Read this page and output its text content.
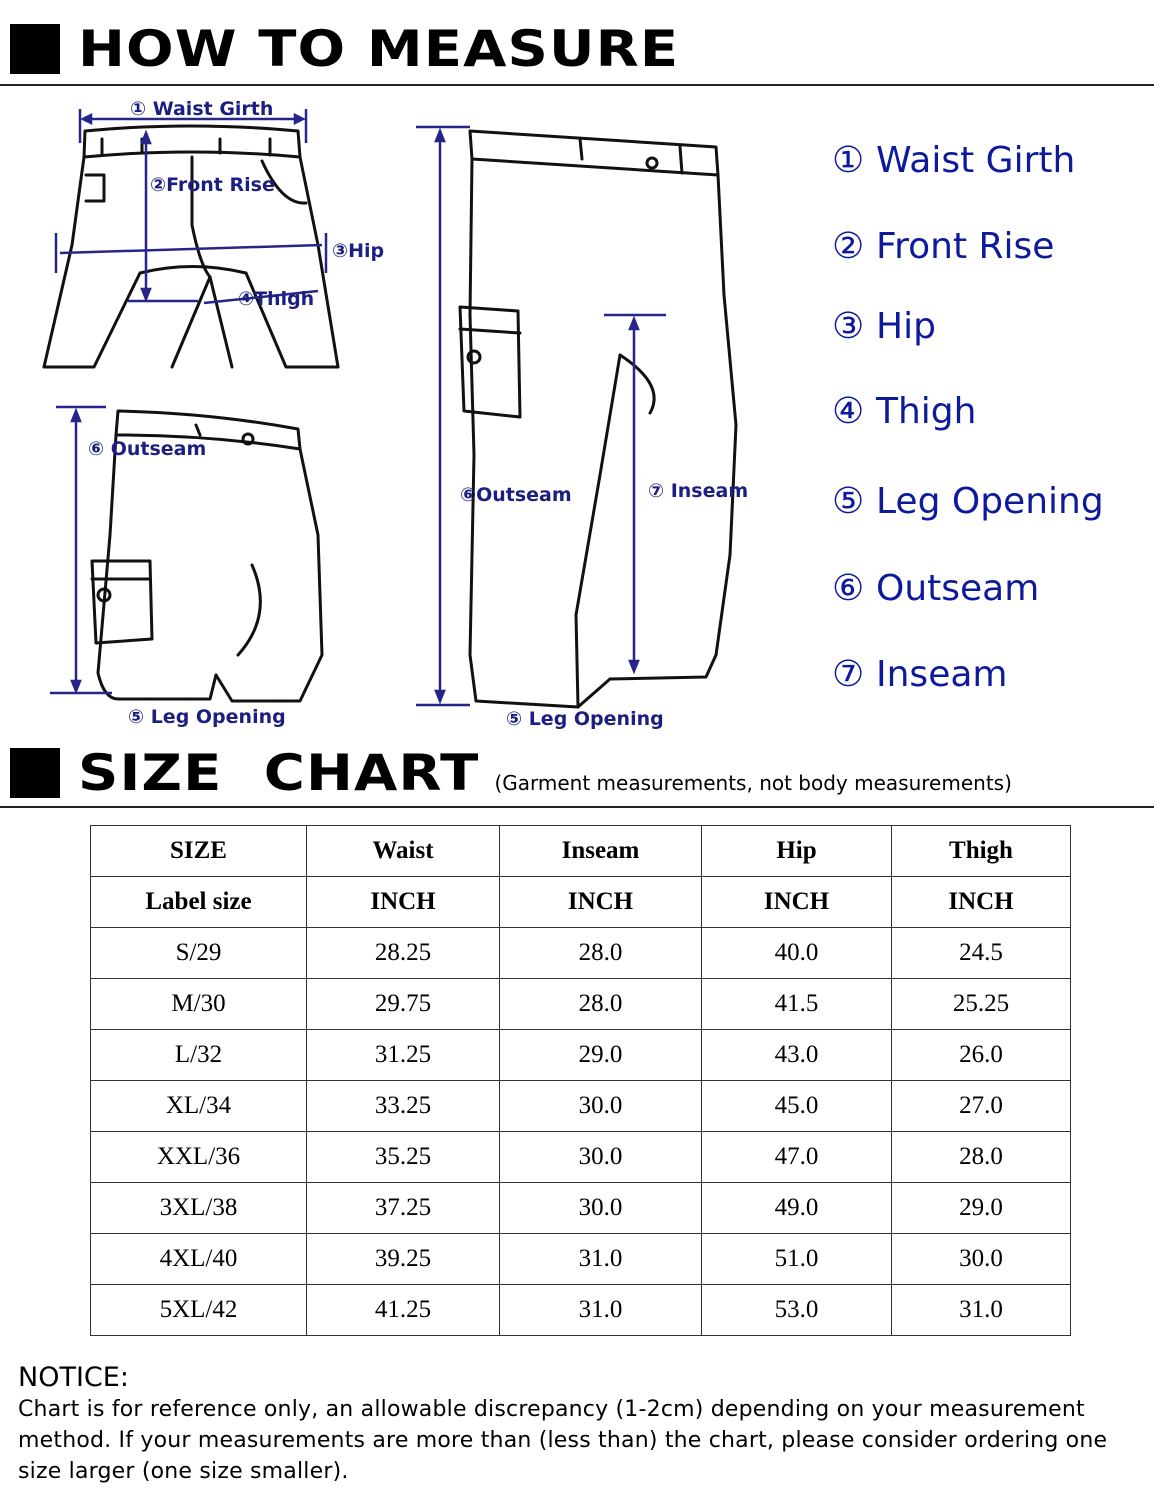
HOW TO MEASURE
① Waist Girth
②Front Rise
③Hip
④Thigh
⑥ Outseam
⑤ Leg Opening
⑥Outseam	⑦ Inseam
⑤ Leg Opening
① Waist Girth
② Front Rise
③ Hip
④ Thigh
⑤ Leg Opening
⑥ Outseam
⑦ Inseam
SIZE  CHART (Garment measurements, not body measurements)
SIZE	Waist	Inseam	Hip	Thigh
Label size	INCH	INCH	INCH	INCH
S/29	28.25	28.0	40.0	24.5
M/30	29.75	28.0	41.5	25.25
L/32	31.25	29.0	43.0	26.0
XL/34	33.25	30.0	45.0	27.0
XXL/36	35.25	30.0	47.0	28.0
3XL/38	37.25	30.0	49.0	29.0
4XL/40	39.25	31.0	51.0	30.0
5XL/42	41.25	31.0	53.0	31.0
NOTICE:
Chart is for reference only, an allowable discrepancy (1-2cm) depending on your measurement method. If your measurements are more than (less than) the chart, please consider ordering one size larger (one size smaller).
